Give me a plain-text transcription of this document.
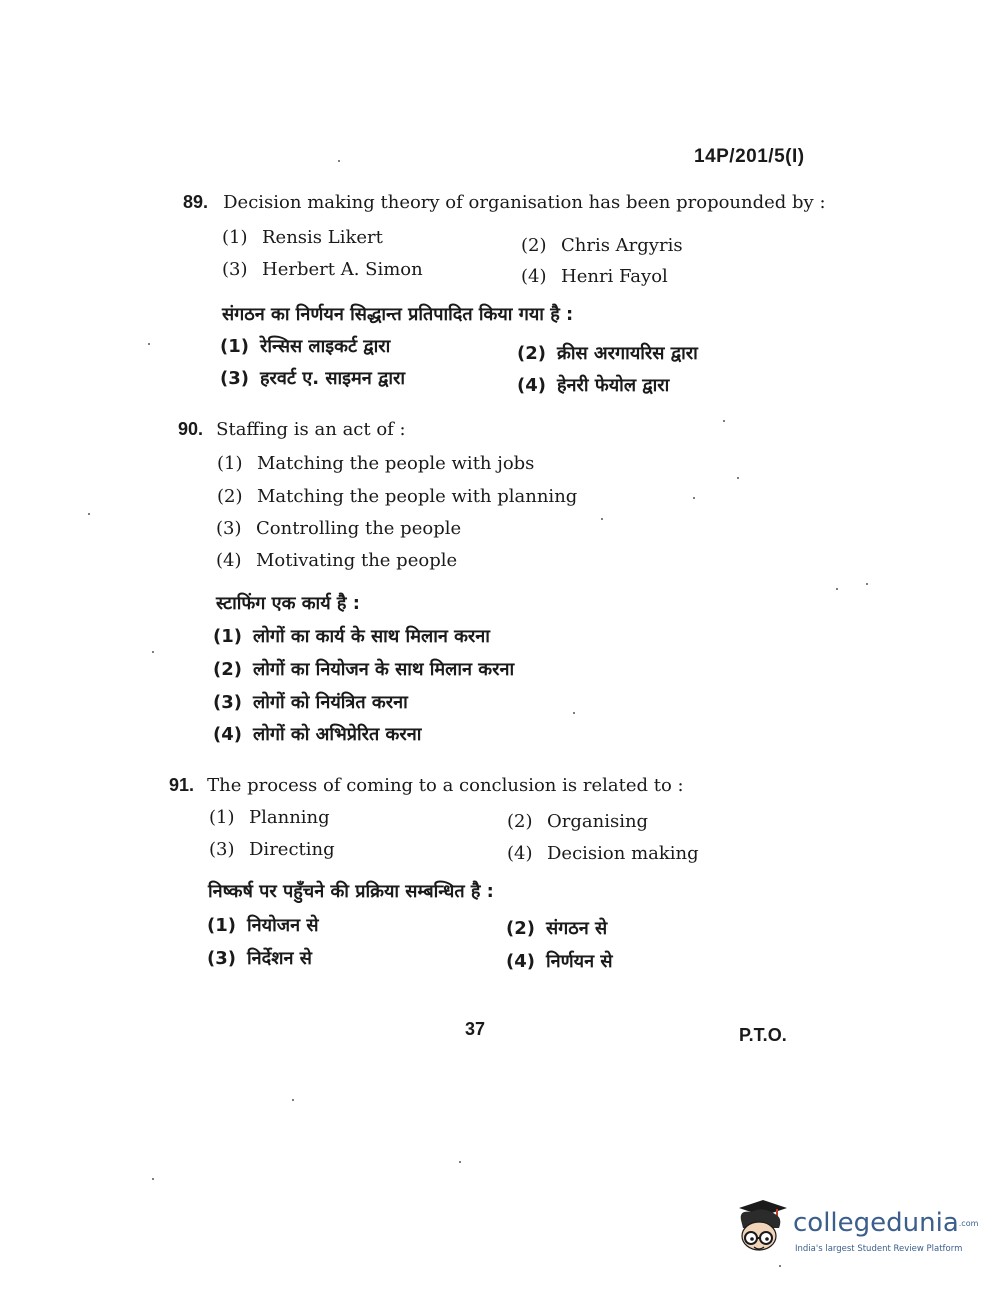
14P/201/5(I)
89. Decision making theory of organisation has been propounded by :
(1) Rensis Likert	(2) Chris Argyris
(3) Herbert A. Simon	(4) Henri Fayol
संगठन का निर्णयन सिद्धान्त प्रतिपादित किया गया है :
(1) रेन्सिस लाइकर्ट द्वारा	(2) क्रीस अरगायरिस द्वारा
(3) हरवर्ट ए. साइमन द्वारा	(4) हेनरी फेयोल द्वारा
90. Staffing is an act of :
(1) Matching the people with jobs
(2) Matching the people with planning
(3) Controlling the people
(4) Motivating the people
स्टाफिंग एक कार्य है :
(1) लोगों का कार्य के साथ मिलान करना
(2) लोगों का नियोजन के साथ मिलान करना
(3) लोगों को नियंत्रित करना
(4) लोगों को अभिप्रेरित करना
91. The process of coming to a conclusion is related to :
(1) Planning	(2) Organising
(3) Directing	(4) Decision making
निष्कर्ष पर पहुँचने की प्रक्रिया सम्बन्धित है :
(1) नियोजन से	(2) संगठन से
(3) निर्देशन से	(4) निर्णयन से
37	P.T.O.
collegedunia.com
India's largest Student Review Platform
